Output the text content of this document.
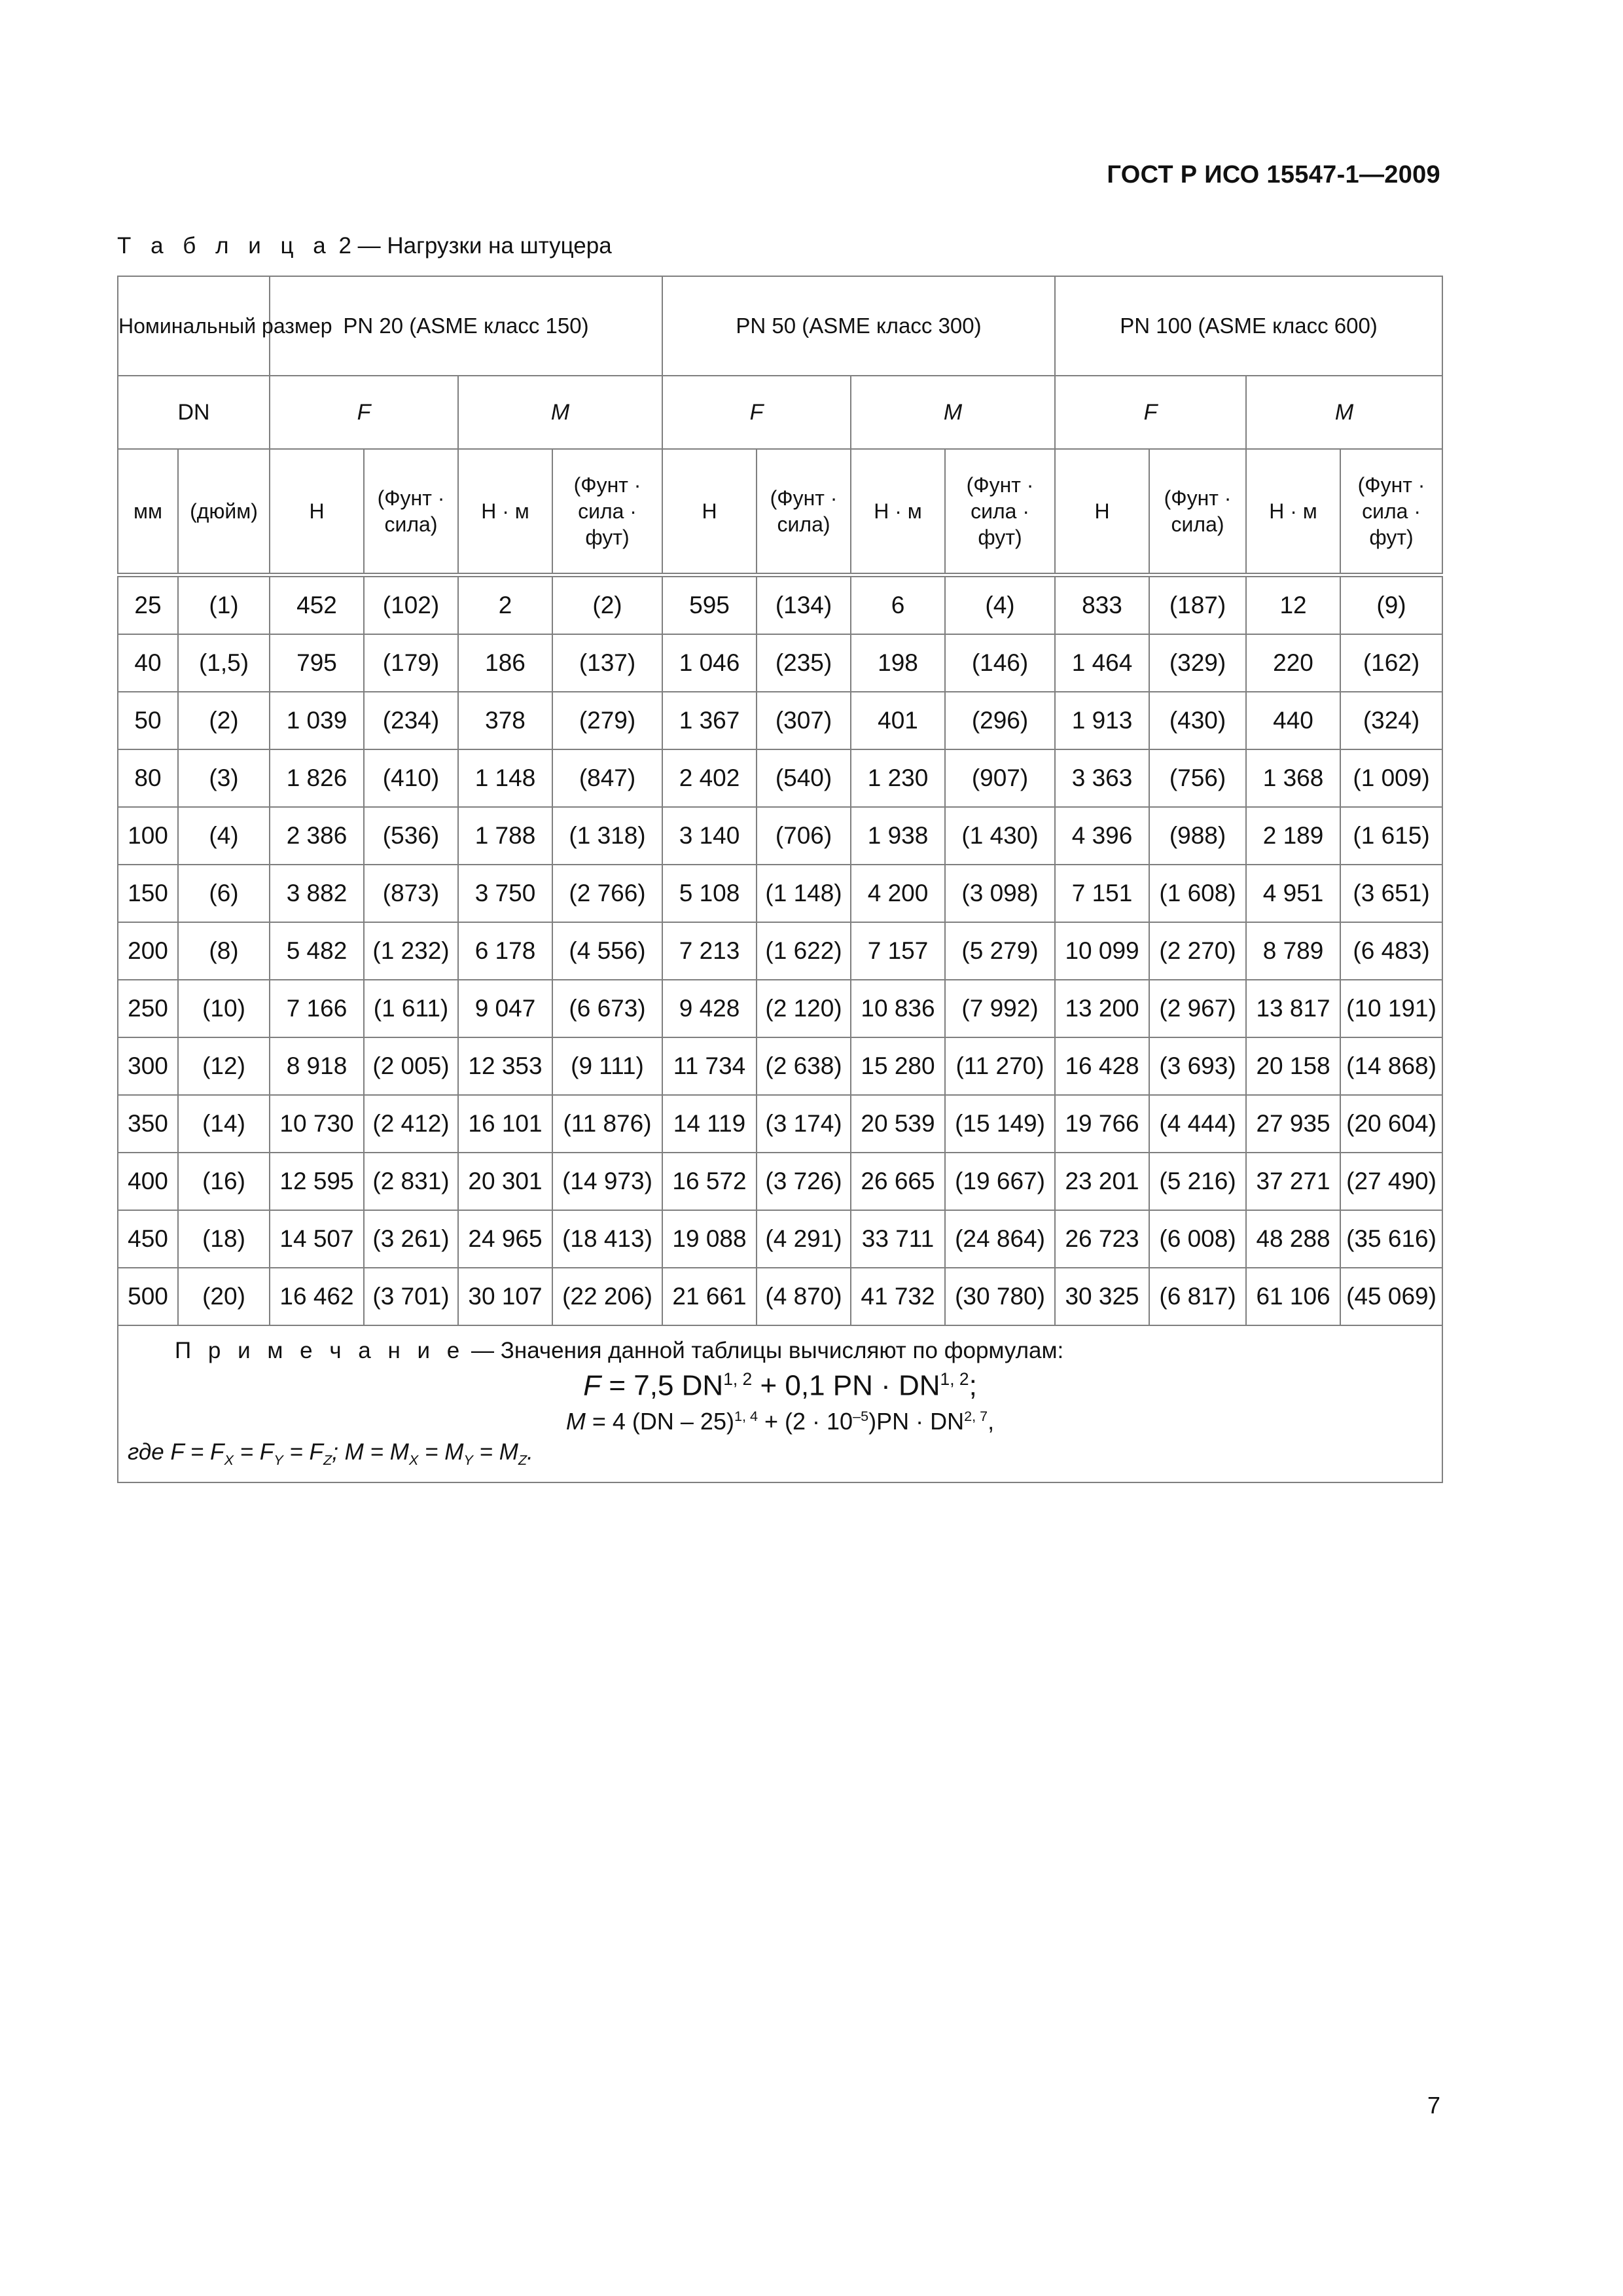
ГОСТ Р ИСО 15547-1—2009
Т а б л и ц а 2 — Нагрузки на штуцера
Номинальный размер		PN 20 (ASME класс 150)				PN 50 (ASME класс 300)				PN 100 (ASME класс 600)			
DN		F		M		F		M		F		M	
мм	(дюйм)	Н	(Фунт · сила)	Н · м	(Фунт · сила · фут)	Н	(Фунт · сила)	Н · м	(Фунт · сила · фут)	Н	(Фунт · сила)	Н · м	(Фунт · сила · фут)
25	(1)	452	(102)	2	(2)	595	(134)	6	(4)	833	(187)	12	(9)
40	(1,5)	795	(179)	186	(137)	1 046	(235)	198	(146)	1 464	(329)	220	(162)
50	(2)	1 039	(234)	378	(279)	1 367	(307)	401	(296)	1 913	(430)	440	(324)
80	(3)	1 826	(410)	1 148	(847)	2 402	(540)	1 230	(907)	3 363	(756)	1 368	(1 009)
100	(4)	2 386	(536)	1 788	(1 318)	3 140	(706)	1 938	(1 430)	4 396	(988)	2 189	(1 615)
150	(6)	3 882	(873)	3 750	(2 766)	5 108	(1 148)	4 200	(3 098)	7 151	(1 608)	4 951	(3 651)
200	(8)	5 482	(1 232)	6 178	(4 556)	7 213	(1 622)	7 157	(5 279)	10 099	(2 270)	8 789	(6 483)
250	(10)	7 166	(1 611)	9 047	(6 673)	9 428	(2 120)	10 836	(7 992)	13 200	(2 967)	13 817	(10 191)
300	(12)	8 918	(2 005)	12 353	(9 111)	11 734	(2 638)	15 280	(11 270)	16 428	(3 693)	20 158	(14 868)
350	(14)	10 730	(2 412)	16 101	(11 876)	14 119	(3 174)	20 539	(15 149)	19 766	(4 444)	27 935	(20 604)
400	(16)	12 595	(2 831)	20 301	(14 973)	16 572	(3 726)	26 665	(19 667)	23 201	(5 216)	37 271	(27 490)
450	(18)	14 507	(3 261)	24 965	(18 413)	19 088	(4 291)	33 711	(24 864)	26 723	(6 008)	48 288	(35 616)
500	(20)	16 462	(3 701)	30 107	(22 206)	21 661	(4 870)	41 732	(30 780)	30 325	(6 817)	61 106	(45 069)

П р и м е ч а н и е — Значения данной таблицы вычисляют по формулам:
F = 7,5 DN$^{1, 2}$ + 0,1 PN · DN$^{1, 2}$;
M = 4 $(DN - 25)^{1, 4} + (2 \cdot 10^{-5})PN \cdot DN^{2, 7}$,
где $F = F_X = F_Y = F_Z$; $M = M_X = M_Y = M_Z$.													
7
